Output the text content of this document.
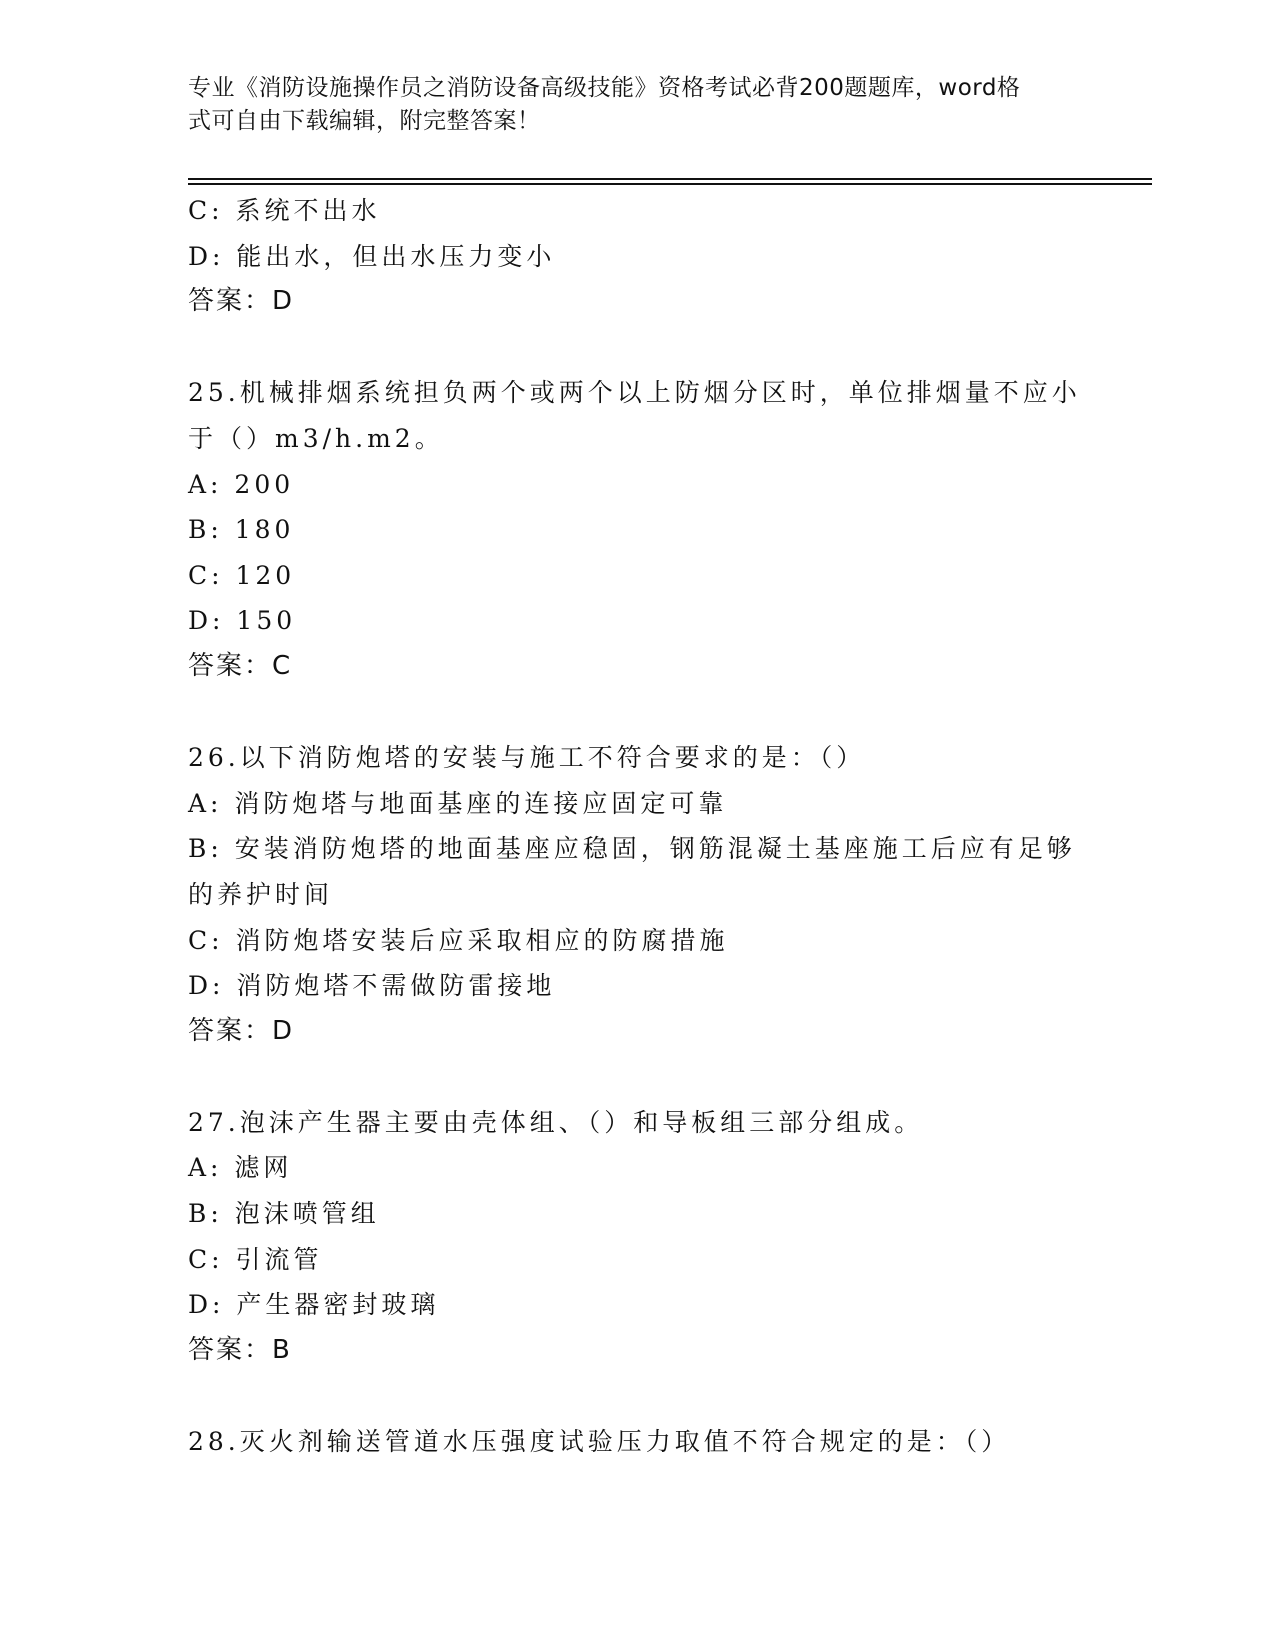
专业《消防设施操作员之消防设备高级技能》资格考试必背200题题库，word格
式可自由下载编辑，附完整答案！
C: 系统不出水
D: 能出水，但出水压力变小
答案：D
25.机械排烟系统担负两个或两个以上防烟分区时，单位排烟量不应小
于（）m3/h.m2。
A: 200
B: 180
C: 120
D: 150
答案：C
26.以下消防炮塔的安装与施工不符合要求的是：（）
A: 消防炮塔与地面基座的连接应固定可靠
B: 安装消防炮塔的地面基座应稳固，钢筋混凝土基座施工后应有足够
的养护时间
C: 消防炮塔安装后应采取相应的防腐措施
D: 消防炮塔不需做防雷接地
答案：D
27.泡沫产生器主要由壳体组、（）和导板组三部分组成。
A: 滤网
B: 泡沫喷管组
C: 引流管
D: 产生器密封玻璃
答案：B
28.灭火剂输送管道水压强度试验压力取值不符合规定的是：（）
